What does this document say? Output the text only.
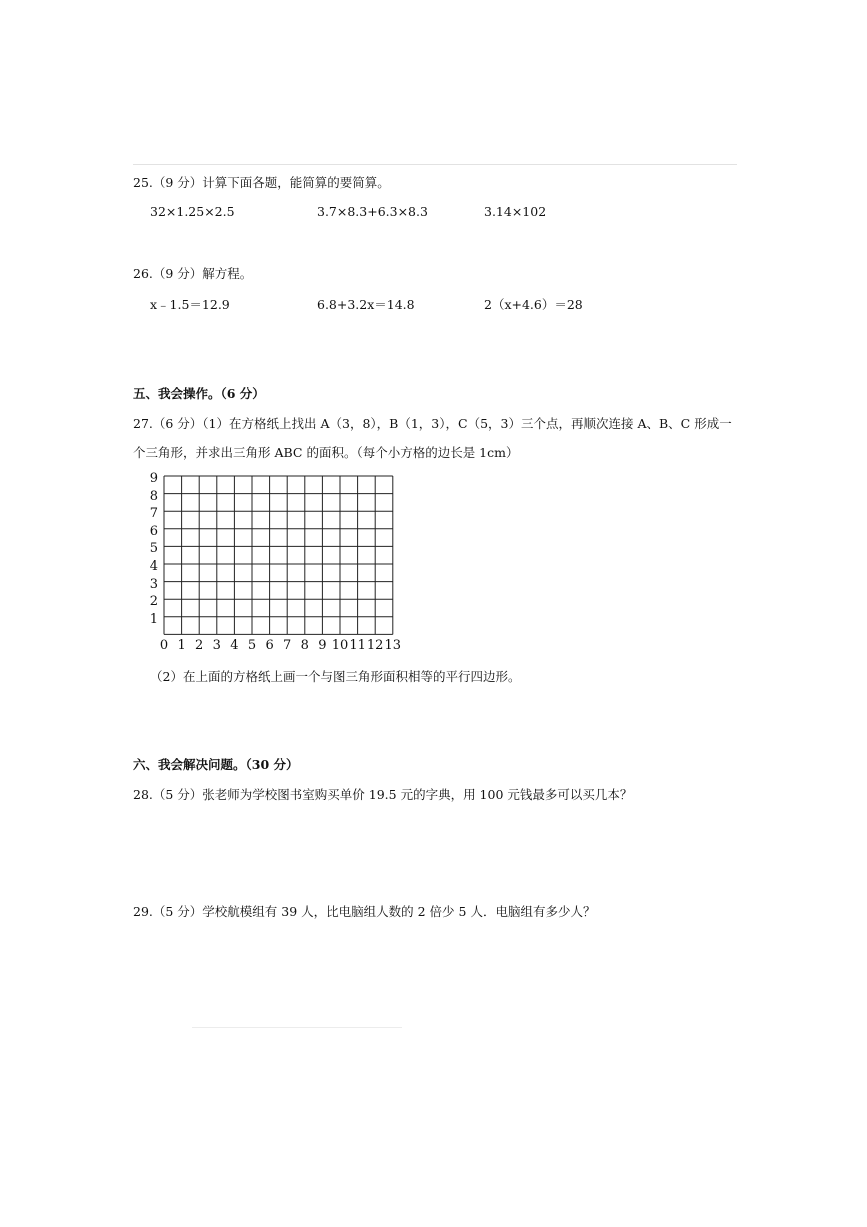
25.（9 分）计算下面各题，能简算的要简算。
32×1.25×2.5	3.7×8.3+6.3×8.3	3.14×102
26.（9 分）解方程。
x﹣1.5＝12.9	6.8+3.2x＝14.8	2（x+4.6）＝28
五、我会操作。（6 分）
27.（6 分）（1）在方格纸上找出 A（3，8），B（1，3），C（5，3）三个点，再顺次连接 A、B、C 形成一
个三角形，并求出三角形 ABC 的面积。（每个小方格的边长是 1cm）
1
2
3
4
5
6
7
8
9
0 1 2 3 4 5 6 7 8 9 10 11 12 13
（2）在上面的方格纸上画一个与图三角形面积相等的平行四边形。
六、我会解决问题。（30 分）
28.（5 分）张老师为学校图书室购买单价 19.5 元的字典，用 100 元钱最多可以买几本？
29.（5 分）学校航模组有 39 人，比电脑组人数的 2 倍少 5 人．电脑组有多少人？
